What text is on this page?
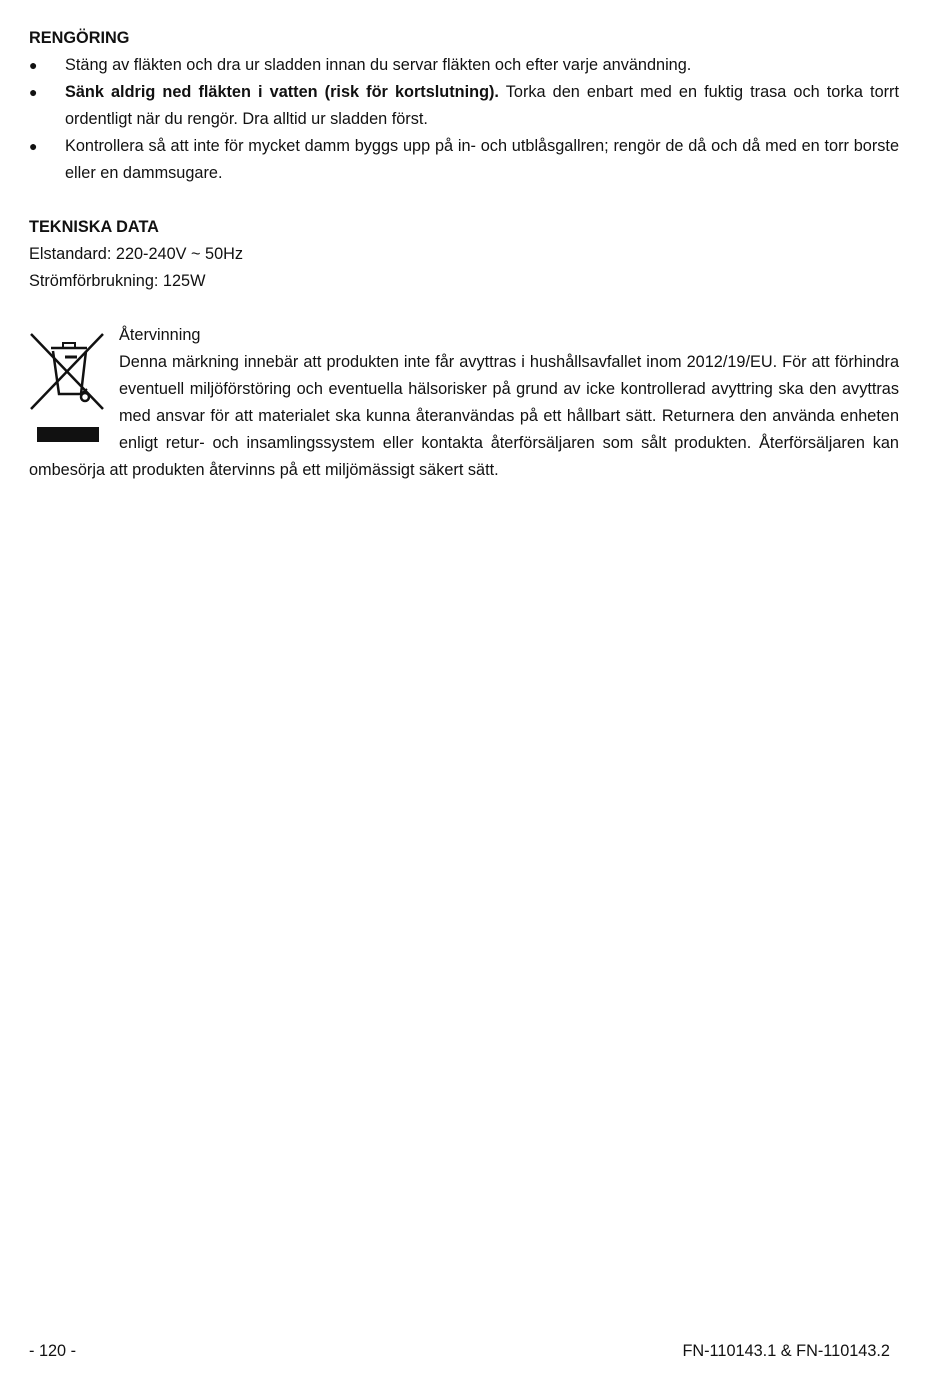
RENGÖRING
● Stäng av fläkten och dra ur sladden innan du servar fläkten och efter varje användning.
● Sänk aldrig ned fläkten i vatten (risk för kortslutning). Torka den enbart med en fuktig trasa och torka torrt ordentligt när du rengör. Dra alltid ur sladden först.
● Kontrollera så att inte för mycket damm byggs upp på in- och utblåsgallren; rengör de då och då med en torr borste eller en dammsugare.
TEKNISKA DATA

Elstandard: 220-240V ~ 50Hz

Strömförbrukning: 125W

Återvinning

Denna märkning innebär att produkten inte får avyttras i hushållsavfallet inom 2012/19/EU. För att förhindra eventuell miljöförstöring och eventuella hälsorisker på grund av icke kontrollerad avyttring ska den avyttras med ansvar för att materialet ska kunna återanvändas på ett hållbart sätt. Returnera den använda enheten enligt retur- och insamlingssystem eller kontakta återförsäljaren som sålt produkten. Återförsäljaren kan ombesörja att produkten återvinns på ett miljömässigt säkert sätt.

- 120 -	FN-110143.1 & FN-110143.2
